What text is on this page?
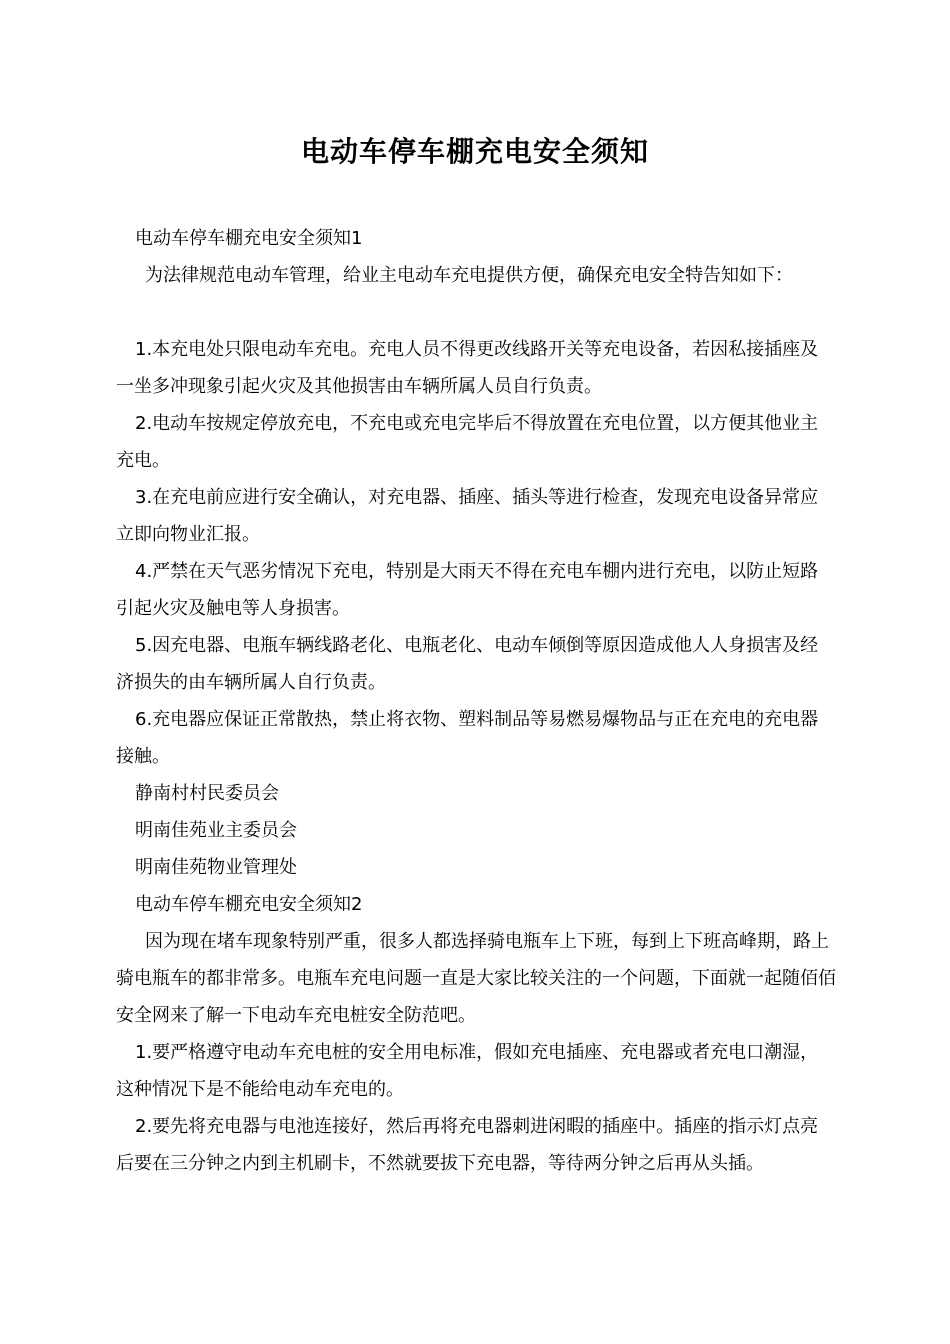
电动车停车棚充电安全须知

电动车停车棚充电安全须知1

为法律规范电动车管理，给业主电动车充电提供方便，确保充电安全特告知如下：

1.本充电处只限电动车充电。充电人员不得更改线路开关等充电设备，若因私接插座及一坐多冲现象引起火灾及其他损害由车辆所属人员自行负责。

2.电动车按规定停放充电，不充电或充电完毕后不得放置在充电位置，以方便其他业主充电。

3.在充电前应进行安全确认，对充电器、插座、插头等进行检查，发现充电设备异常应立即向物业汇报。

4.严禁在天气恶劣情况下充电，特别是大雨天不得在充电车棚内进行充电，以防止短路引起火灾及触电等人身损害。

5.因充电器、电瓶车辆线路老化、电瓶老化、电动车倾倒等原因造成他人人身损害及经济损失的由车辆所属人自行负责。

6.充电器应保证正常散热，禁止将衣物、塑料制品等易燃易爆物品与正在充电的充电器接触。

静南村村民委员会

明南佳苑业主委员会

明南佳苑物业管理处

电动车停车棚充电安全须知2

因为现在堵车现象特别严重，很多人都选择骑电瓶车上下班，每到上下班高峰期，路上骑电瓶车的都非常多。电瓶车充电问题一直是大家比较关注的一个问题，下面就一起随佰佰安全网来了解一下电动车充电桩安全防范吧。

1.要严格遵守电动车充电桩的安全用电标准，假如充电插座、充电器或者充电口潮湿，这种情况下是不能给电动车充电的。

2.要先将充电器与电池连接好，然后再将充电器刺进闲暇的插座中。插座的指示灯点亮后要在三分钟之内到主机刷卡，不然就要拔下充电器，等待两分钟之后再从头插。
